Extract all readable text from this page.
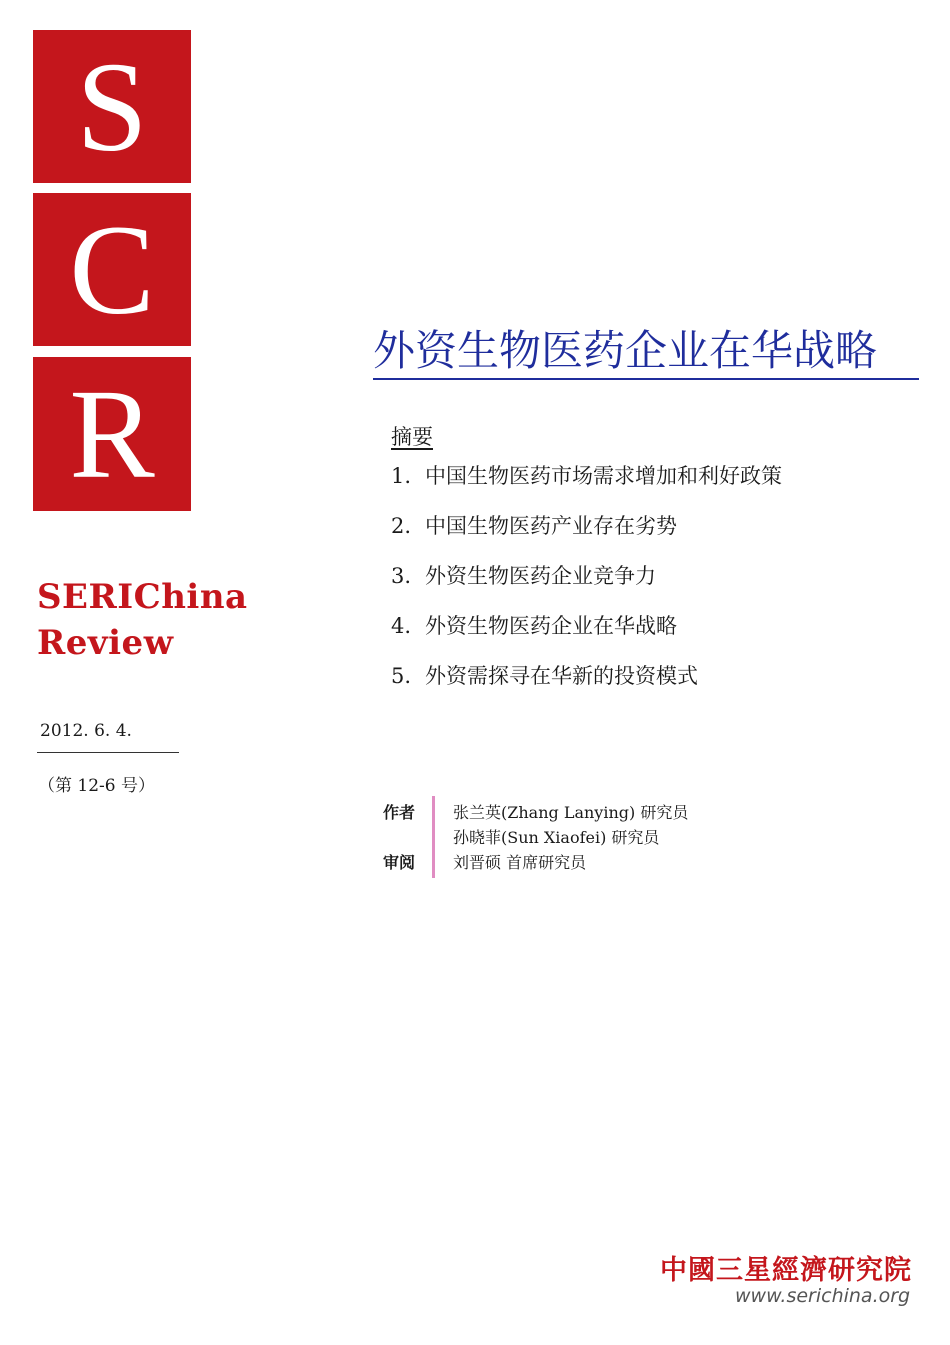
S
C
R
SERIChina
Review
2012. 6. 4.
（第 12-6 号）
外资生物医药企业在华战略
摘要
1. 中国生物医药市场需求增加和利好政策
2. 中国生物医药产业存在劣势
3. 外资生物医药企业竞争力
4. 外资生物医药企业在华战略
5. 外资需探寻在华新的投资模式
作者
审阅
张兰英(Zhang Lanying) 研究员
孙晓菲(Sun Xiaofei) 研究员
刘晋硕 首席研究员
中國三星經濟研究院
www.serichina.org
